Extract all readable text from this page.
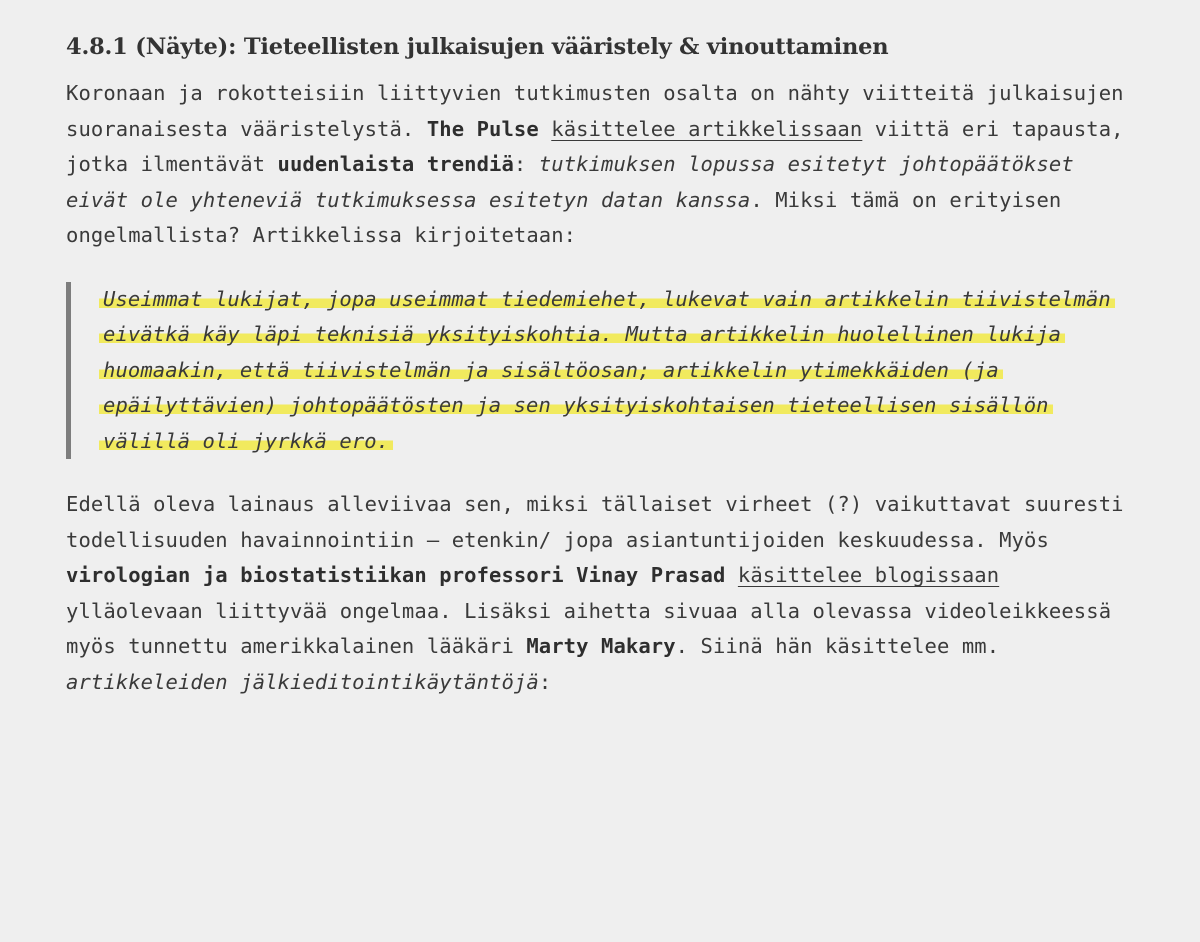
4.8.1 (Näyte): Tieteellisten julkaisujen vääristely & vinouttaminen

Koronaan ja rokotteisiin liittyvien tutkimusten osalta on nähty viitteitä julkaisujen suoranaisesta vääristelystä. The Pulse käsittelee artikkelissaan viittä eri tapausta, jotka ilmentävät uudenlaista trendiä: tutkimuksen lopussa esitetyt johtopäätökset eivät ole yhteneviä tutkimuksessa esitetyn datan kanssa. Miksi tämä on erityisen ongelmallista? Artikkelissa kirjoitetaan:

Useimmat lukijat, jopa useimmat tiedemiehet, lukevat vain artikkelin tiivistelmän eivätkä käy läpi teknisiä yksityiskohtia. Mutta artikkelin huolellinen lukija huomaakin, että tiivistelmän ja sisältöosan; artikkelin ytimekkäiden (ja epäilyttävien) johtopäätösten ja sen yksityiskohtaisen tieteellisen sisällön välillä oli jyrkkä ero.

Edellä oleva lainaus alleviivaa sen, miksi tällaiset virheet (?) vaikuttavat suuresti todellisuuden havainnointiin – etenkin/ jopa asiantuntijoiden keskuudessa. Myös virologian ja biostatistiikan professori Vinay Prasad käsittelee blogissaan ylläolevaan liittyvää ongelmaa. Lisäksi aihetta sivuaa alla olevassa videoleikkeessä myös tunnettu amerikkalainen lääkäri Marty Makary. Siinä hän käsittelee mm. artikkeleiden jälkieditointikäytäntöjä:
